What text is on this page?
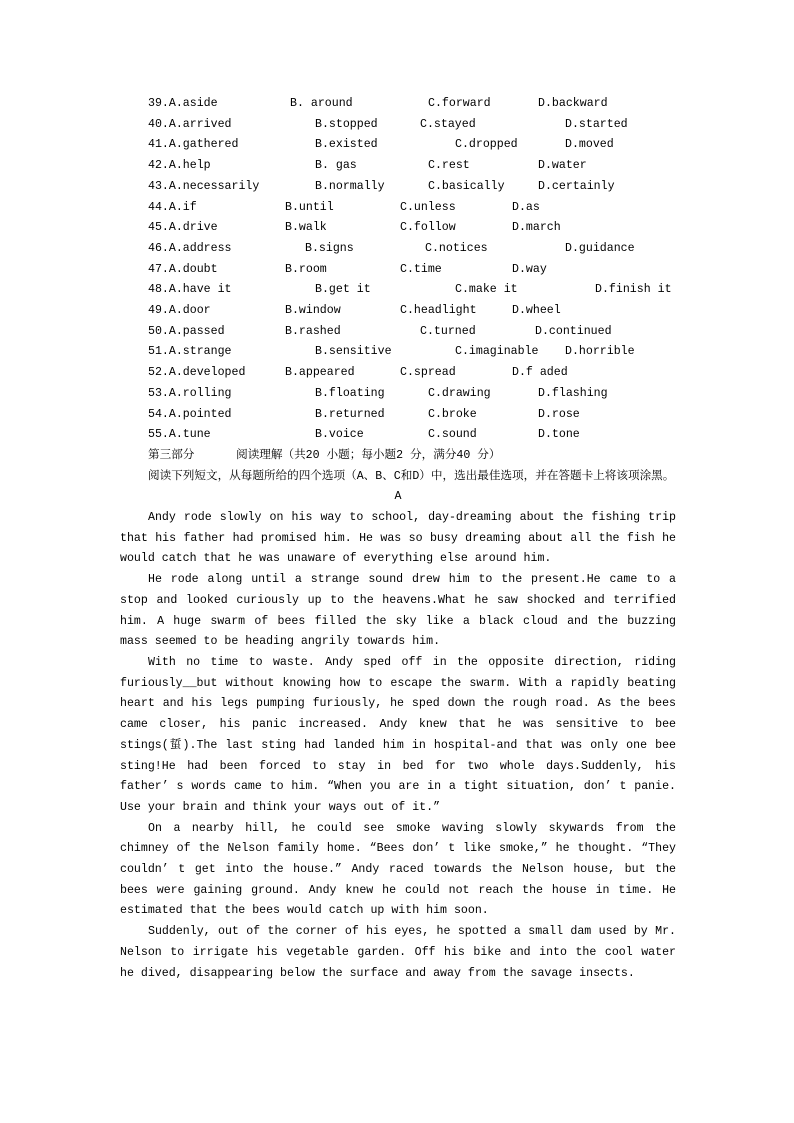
39.A.aside	B. around	C.forward	D.backward
40.A.arrived	B.stopped	C.stayed	D.started
41.A.gathered	B.existed	C.dropped	D.moved
42.A.help	B. gas	C.rest	D.water
43.A.necessarily	B.normally	C.basically	D.certainly
44.A.if	B.until	C.unless	D.as
45.A.drive	B.walk	C.follow	D.march
46.A.address	B.signs	C.notices	D.guidance
47.A.doubt	B.room	C.time	D.way
48.A.have it	B.get it	C.make it	D.finish it
49.A.door	B.window	C.headlight	D.wheel
50.A.passed	B.rashed	C.turned	D.continued
51.A.strange	B.sensitive	C.imaginable	D.horrible
52.A.developed	B.appeared	C.spread	D.f aded
53.A.rolling	B.floating	C.drawing	D.flashing
54.A.pointed	B.returned	C.broke	D.rose
55.A.tune	B.voice	C.sound	D.tone
第三部分      阅读理解（共20 小题；每小题2 分，满分40 分）

阅读下列短文，从每题所给的四个选项（A、B、C和D）中，选出最佳选项，并在答题卡上将该项涂黑。

A

Andy rode slowly on his way to school, day-dreaming about the fishing trip that his father had promised him. He was so busy dreaming about all the fish he would catch that he was unaware of everything else around him.

He rode along until a strange sound drew him to the present.He came to a stop and looked curiously up to the heavens.What he saw shocked and terrified him. A huge swarm of bees filled the sky like a black cloud and the buzzing mass seemed to be heading angrily towards him.

With no time to waste. Andy sped off in the opposite direction, riding furiously__but without knowing how to escape the swarm. With a rapidly beating heart and his legs pumping furiously, he sped down the rough road. As the bees came closer, his panic increased. Andy knew that he was sensitive to bee stings(蜇).The last sting had landed him in hospital-and that was only one bee sting!He had been forced to stay in bed for two whole days.Suddenly, his father’ s words came to him. “When you are in a tight situation, don’ t panie. Use your brain and think your ways out of it.”

On a nearby hill, he could see smoke waving slowly skywards from the chimney of the Nelson family home. “Bees don’ t like smoke,” he thought. “They couldn’ t get into the house.” Andy raced towards the Nelson house, but the bees were gaining ground. Andy knew he could not reach the house in time. He estimated that the bees would catch up with him soon.

Suddenly, out of the corner of his eyes, he spotted a small dam used by Mr. Nelson to irrigate his vegetable garden. Off his bike and into the cool water he dived, disappearing below the surface and away from the savage insects.
